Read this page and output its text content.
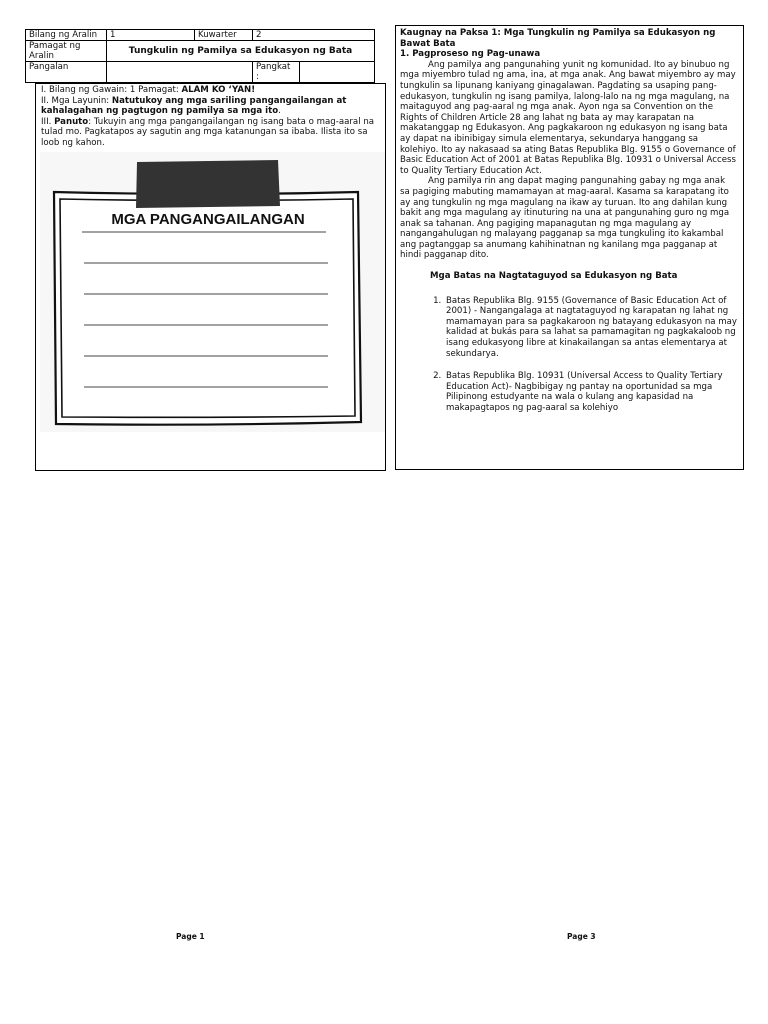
Bilang ng Aralin	1	Kuwarter	2	
Pamagat ng Aralin	Tungkulin ng Pamilya sa Edukasyon ng Bata			
Pangalan			Pangkat :	

I. Bilang ng Gawain: 1 Pamagat: ALAM KO ‘YAN!

II. Mga Layunin: Natutukoy ang mga sariling pangangailangan at kahalagahan ng pagtugon ng pamilya sa mga ito.

III. Panuto: Tukuyin ang mga pangangailangan ng isang bata o mag-aaral na tulad mo. Pagkatapos ay sagutin ang mga katanungan sa ibaba. Ilista ito sa loob ng kahon.

MGA PANGANGAILANGAN

Kaugnay na Paksa 1: Mga Tungkulin ng Pamilya sa Edukasyon ng Bawat Bata

1. Pagproseso ng Pag-unawa

Ang pamilya ang pangunahing yunit ng komunidad. Ito ay binubuo ng mga miyembro tulad ng ama, ina, at mga anak. Ang bawat miyembro ay may tungkulin sa lipunang kaniyang ginagalawan. Pagdating sa usaping pang-edukasyon, tungkulin ng isang pamilya, lalong-lalo na ng mga magulang, na maitaguyod ang pag-aaral ng mga anak. Ayon nga sa Convention on the Rights of Children Article 28 ang lahat ng bata ay may karapatan na makatanggap ng Edukasyon. Ang pagkakaroon ng edukasyon ng isang bata ay dapat na ibinibigay simula elementarya, sekundarya hanggang sa kolehiyo. Ito ay nakasaad sa ating Batas Republika Blg. 9155 o Governance of Basic Education Act of 2001 at Batas Republika Blg. 10931 o Universal Access to Quality Tertiary Education Act.

Ang pamilya rin ang dapat maging pangunahing gabay ng mga anak sa pagiging mabuting mamamayan at mag-aaral. Kasama sa karapatang ito ay ang tungkulin ng mga magulang na ikaw ay turuan. Ito ang dahilan kung bakit ang mga magulang ay itinuturing na una at pangunahing guro ng mga anak sa tahanan. Ang pagiging mapanagutan ng mga magulang ay nangangahulugan ng malayang pagganap sa mga tungkuling ito kakambal ang pagtanggap sa anumang kahihinatnan ng kanilang mga pagganap at hindi pagganap dito.

Mga Batas na Nagtataguyod sa Edukasyon ng Bata

1. Batas Republika Blg. 9155 (Governance of Basic Education Act of 2001) - Nangangalaga at nagtataguyod ng karapatan ng lahat ng mamamayan para sa pagkakaroon ng batayang edukasyon na may kalidad at bukás para sa lahat sa pamamagitan ng pagkakaloob ng isang edukasyong libre at kinakailangan sa antas elementarya at sekundarya.
2. Batas Republika Blg. 10931 (Universal Access to Quality Tertiary Education Act)- Nagbibigay ng pantay na oportunidad sa mga Pilipinong estudyante na wala o kulang ang kapasidad na makapagtapos ng pag-aaral sa kolehiyo
Page 1	Page 3
